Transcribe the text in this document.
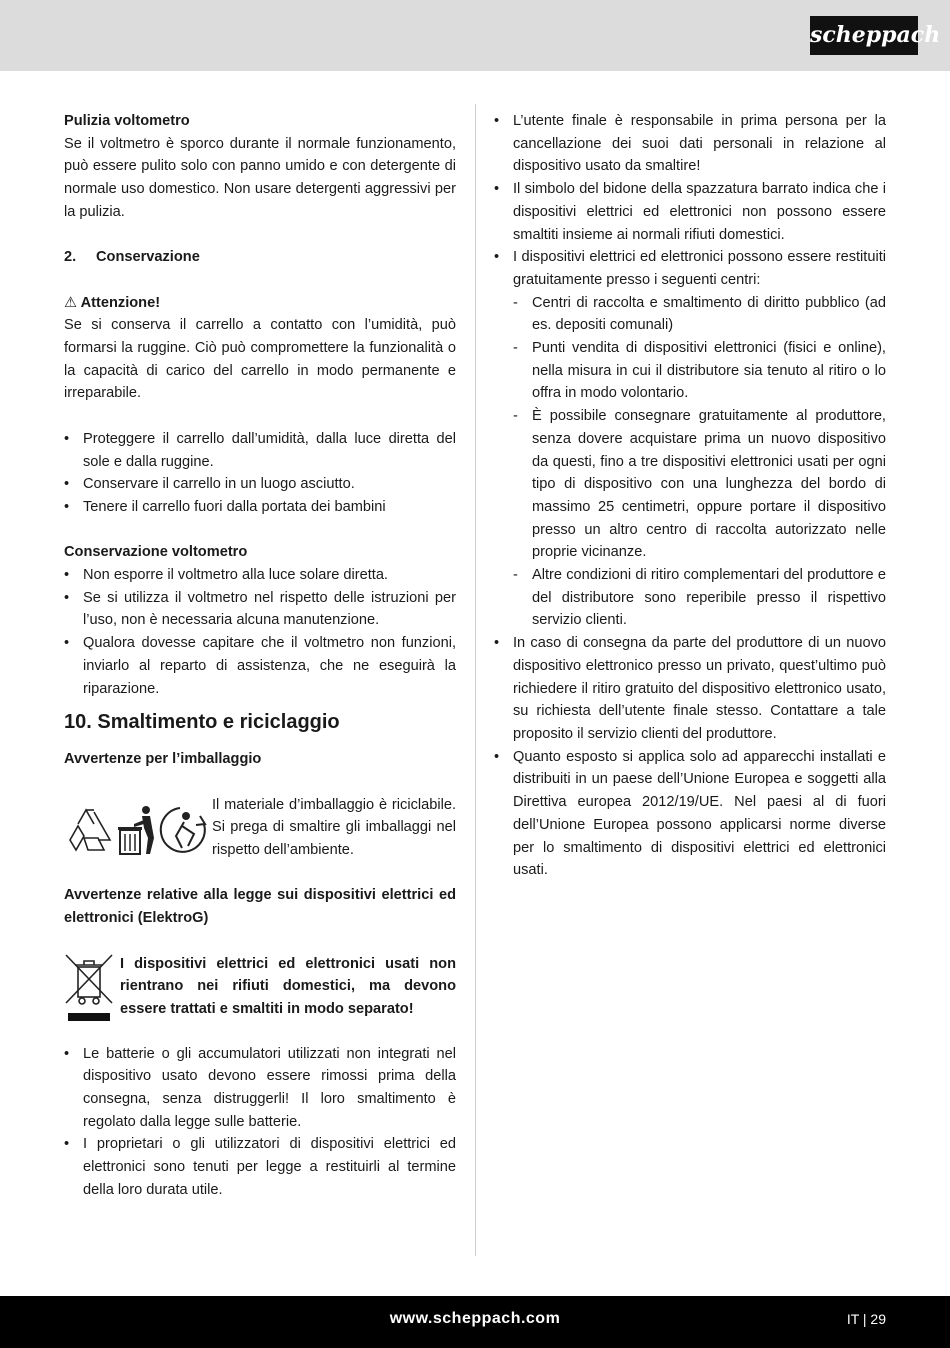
scheppach

Pulizia voltometro

Se il voltmetro è sporco durante il normale funzionamento, può essere pulito solo con panno umido e con detergente di normale uso domestico. Non usare detergenti aggressivi per la pulizia.

2. Conservazione

⚠ Attenzione!

Se si conserva il carrello a contatto con l’umidità, può formarsi la ruggine. Ciò può compromettere la funzionalità o la capacità di carico del carrello in modo permanente e irreparabile.

• Proteggere il carrello dall’umidità, dalla luce diretta del sole e dalla ruggine.
• Conservare il carrello in un luogo asciutto.
• Tenere il carrello fuori dalla portata dei bambini

Conservazione voltometro

• Non esporre il voltmetro alla luce solare diretta.
• Se si utilizza il voltmetro nel rispetto delle istruzioni per l’uso, non è necessaria alcuna manutenzione.
• Qualora dovesse capitare che il voltmetro non funzioni, inviarlo al reparto di assistenza, che ne eseguirà la riparazione.
10. Smaltimento e riciclaggio

Avvertenze per l’imballaggio

Il materiale d’imballaggio è riciclabile. Si prega di smaltire gli imballaggi nel rispetto dell’ambiente.

Avvertenze relative alla legge sui dispositivi elettrici ed elettronici (ElektroG)

I dispositivi elettrici ed elettronici usati non rientrano nei rifiuti domestici, ma devono essere trattati e smaltiti in modo separato!

• Le batterie o gli accumulatori utilizzati non integrati nel dispositivo usato devono essere rimossi prima della consegna, senza distruggerli! Il loro smaltimento è regolato dalla legge sulle batterie.
• I proprietari o gli utilizzatori di dispositivi elettrici ed elettronici sono tenuti per legge a restituirli al termine della loro durata utile.
• L’utente finale è responsabile in prima persona per la cancellazione dei suoi dati personali in relazione al dispositivo usato da smaltire!
• Il simbolo del bidone della spazzatura barrato indica che i dispositivi elettrici ed elettronici non possono essere smaltiti insieme ai normali rifiuti domestici.
• I dispositivi elettrici ed elettronici possono essere restituiti gratuitamente presso i seguenti centri:
- Centri di raccolta e smaltimento di diritto pubblico (ad es. depositi comunali)
- Punti vendita di dispositivi elettronici (fisici e online), nella misura in cui il distributore sia tenuto al ritiro o lo offra in modo volontario.
- È possibile consegnare gratuitamente al produttore, senza dovere acquistare prima un nuovo dispositivo da questi, fino a tre dispositivi elettronici usati per ogni tipo di dispositivo con una lunghezza del bordo di massimo 25 centimetri, oppure portare il dispositivo presso un altro centro di raccolta autorizzato nelle proprie vicinanze.
- Altre condizioni di ritiro complementari del produttore e del distributore sono reperibile presso il rispettivo servizio clienti.
• In caso di consegna da parte del produttore di un nuovo dispositivo elettronico presso un privato, quest’ultimo può richiedere il ritiro gratuito del dispositivo elettronico usato, su richiesta dell’utente finale stesso. Contattare a tale proposito il servizio clienti del produttore.
• Quanto esposto si applica solo ad apparecchi installati e distribuiti in un paese dell’Unione Europea e soggetti alla Direttiva europea 2012/19/UE. Nel paesi al di fuori dell’Unione Europea possono applicarsi norme diverse per lo smaltimento di dispositivi elettrici ed elettronici usati.
www.scheppach.com	IT | 29
